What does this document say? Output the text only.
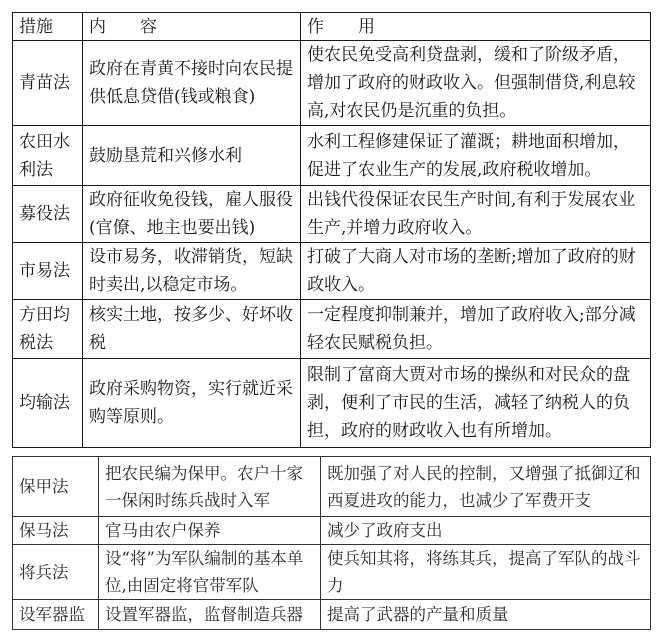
措施	内　　容	作　　用
青苗法	政府在青黄不接时向农民提供低息贷借(钱或粮食)	使农民免受高利贷盘剥，缓和了阶级矛盾，增加了政府的财政收入。但强制借贷,利息较高,对农民仍是沉重的负担。
农田水利法	鼓励垦荒和兴修水利	水利工程修建保证了灌溉；耕地面积增加，促进了农业生产的发展,政府税收增加。
募役法	政府征收免役钱，雇人服役(官僚、地主也要出钱)	出钱代役保证农民生产时间,有利于发展农业生产,并增力政府收入。
市易法	设市易务，收滞销货，短缺时卖出,以稳定市场。	打破了大商人对市场的垄断;增加了政府的财政收入。
方田均税法	核实土地，按多少、好坏收税	一定程度抑制兼并，增加了政府收入;部分减轻农民赋税负担。
均输法	政府采购物资，实行就近采购等原则。	限制了富商大贾对市场的操纵和对民众的盘剥，便利了市民的生活，减轻了纳税人的负担，政府的财政收入也有所增加。
保甲法	把农民编为保甲。农户十家一保闲时练兵战时入军	既加强了对人民的控制，又增强了抵御辽和西夏进攻的能力，也减少了军费开支
保马法	官马由农户保养	减少了政府支出
将兵法	设“将”为军队编制的基本单位,由固定将官带军队	使兵知其将，将练其兵，提高了军队的战斗力
设军器监	设置军器监，监督制造兵器	提高了武器的产量和质量
